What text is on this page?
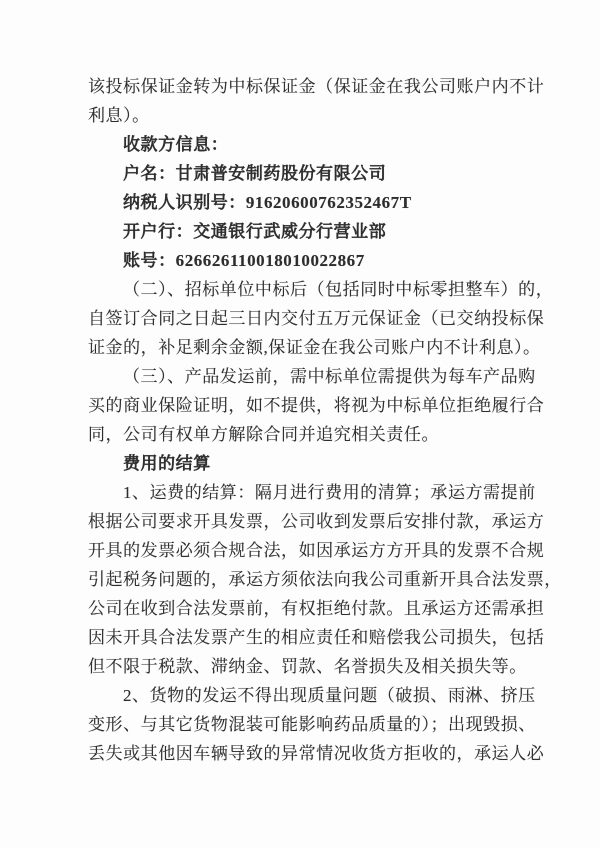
该投标保证金转为中标保证金（保证金在我公司账户内不计
利息）。
收款方信息：
户名：甘肃普安制药股份有限公司
纳税人识别号：91620600762352467T
开户行：交通银行武威分行营业部
账号：626626110018010022867
（二）、招标单位中标后（包括同时中标零担整车）的，
自签订合同之日起三日内交付五万元保证金（已交纳投标保
证金的，补足剩余金额,保证金在我公司账户内不计利息）。
（三）、产品发运前，需中标单位需提供为每车产品购
买的商业保险证明，如不提供，将视为中标单位拒绝履行合
同，公司有权单方解除合同并追究相关责任。
费用的结算
1、运费的结算：隔月进行费用的清算；承运方需提前
根据公司要求开具发票，公司收到发票后安排付款，承运方
开具的发票必须合规合法，如因承运方方开具的发票不合规
引起税务问题的，承运方须依法向我公司重新开具合法发票，
公司在收到合法发票前，有权拒绝付款。且承运方还需承担
因未开具合法发票产生的相应责任和赔偿我公司损失，包括
但不限于税款、滞纳金、罚款、名誉损失及相关损失等。
2、货物的发运不得出现质量问题（破损、雨淋、挤压
变形、与其它货物混装可能影响药品质量的）；出现毁损、
丢失或其他因车辆导致的异常情况收货方拒收的，承运人必
